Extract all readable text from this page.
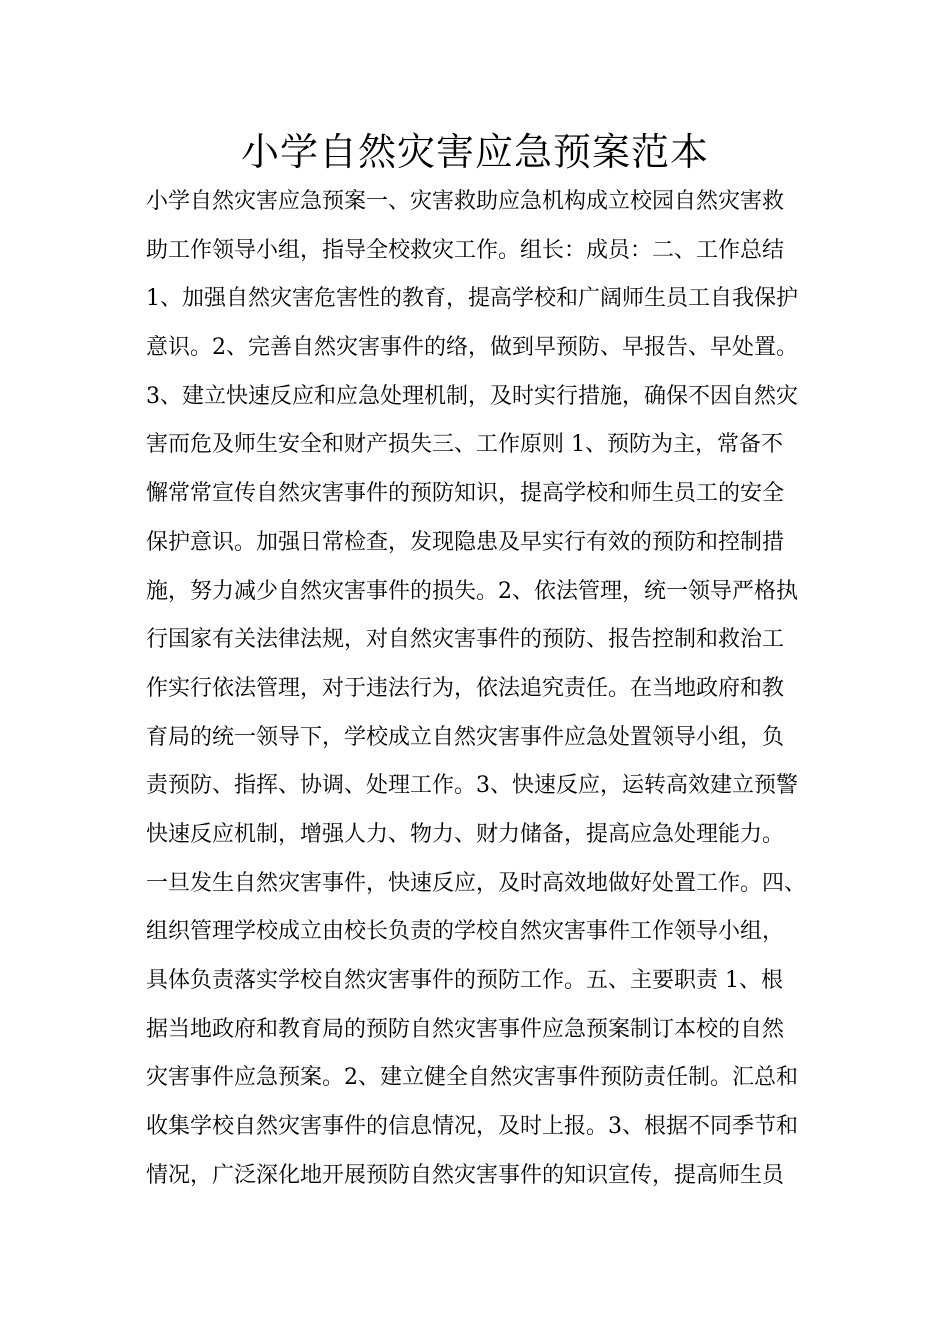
小学自然灾害应急预案范本
小学自然灾害应急预案一、灾害救助应急机构成立校园自然灾害救
助工作领导小组，指导全校救灾工作。组长：成员：二、工作总结
1、加强自然灾害危害性的教育，提高学校和广阔师生员工自我保护
意识。2、完善自然灾害事件的络，做到早预防、早报告、早处置。
3、建立快速反应和应急处理机制，及时实行措施，确保不因自然灾
害而危及师生安全和财产损失三、工作原则 1、预防为主，常备不
懈常常宣传自然灾害事件的预防知识，提高学校和师生员工的安全
保护意识。加强日常检查，发现隐患及早实行有效的预防和控制措
施，努力减少自然灾害事件的损失。2、依法管理，统一领导严格执
行国家有关法律法规，对自然灾害事件的预防、报告控制和救治工
作实行依法管理，对于违法行为，依法追究责任。在当地政府和教
育局的统一领导下，学校成立自然灾害事件应急处置领导小组，负
责预防、指挥、协调、处理工作。3、快速反应，运转高效建立预警
快速反应机制，增强人力、物力、财力储备，提高应急处理能力。
一旦发生自然灾害事件，快速反应，及时高效地做好处置工作。四、
组织管理学校成立由校长负责的学校自然灾害事件工作领导小组，
具体负责落实学校自然灾害事件的预防工作。五、主要职责 1、根
据当地政府和教育局的预防自然灾害事件应急预案制订本校的自然
灾害事件应急预案。2、建立健全自然灾害事件预防责任制。汇总和
收集学校自然灾害事件的信息情况，及时上报。3、根据不同季节和
情况，广泛深化地开展预防自然灾害事件的知识宣传，提高师生员
